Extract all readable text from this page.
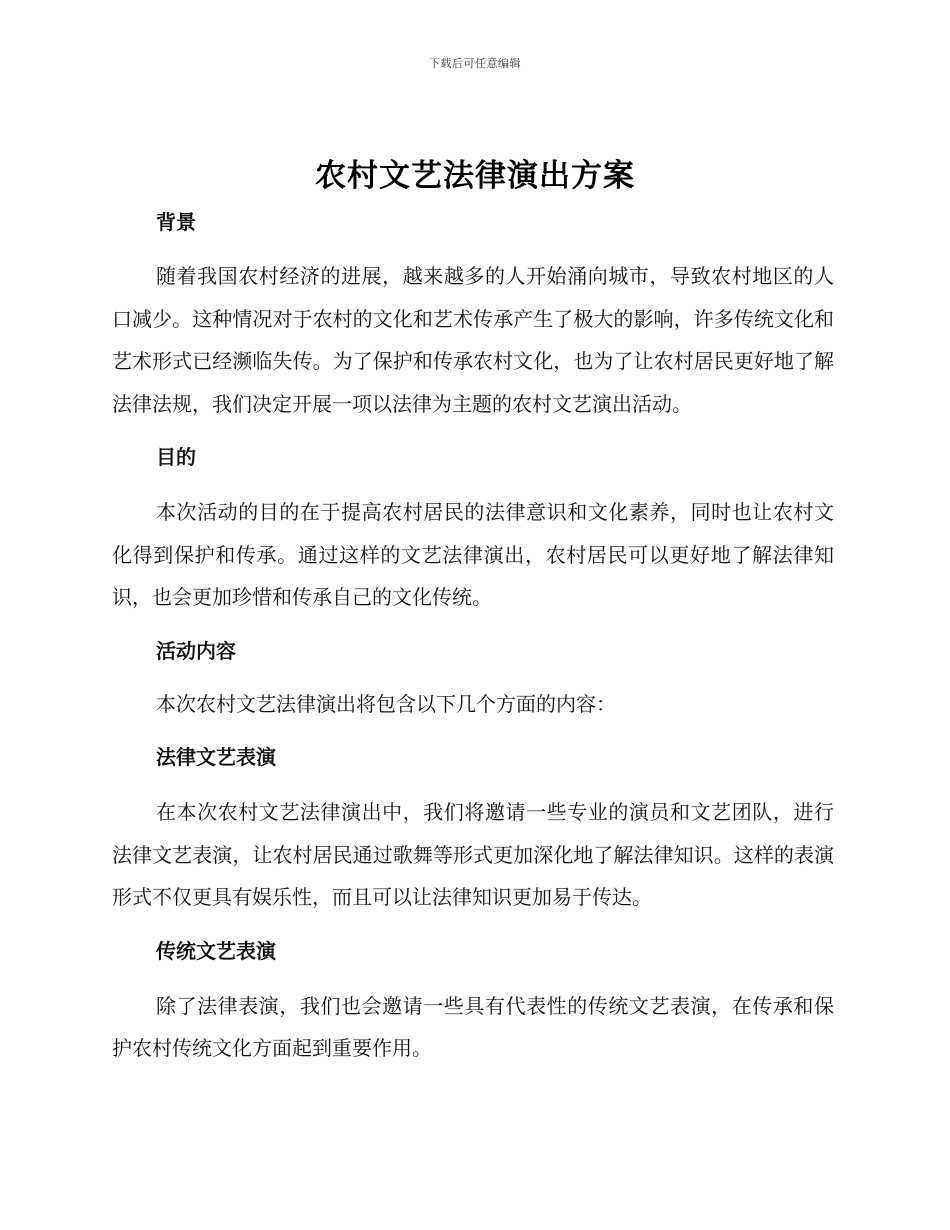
下载后可任意编辑
农村文艺法律演出方案

背景

随着我国农村经济的进展，越来越多的人开始涌向城市，导致农村地区的人口减少。这种情况对于农村的文化和艺术传承产生了极大的影响，许多传统文化和艺术形式已经濒临失传。为了保护和传承农村文化，也为了让农村居民更好地了解法律法规，我们决定开展一项以法律为主题的农村文艺演出活动。

目的

本次活动的目的在于提高农村居民的法律意识和文化素养，同时也让农村文化得到保护和传承。通过这样的文艺法律演出，农村居民可以更好地了解法律知识，也会更加珍惜和传承自己的文化传统。

活动内容

本次农村文艺法律演出将包含以下几个方面的内容：

法律文艺表演

在本次农村文艺法律演出中，我们将邀请一些专业的演员和文艺团队，进行法律文艺表演，让农村居民通过歌舞等形式更加深化地了解法律知识。这样的表演形式不仅更具有娱乐性，而且可以让法律知识更加易于传达。

传统文艺表演

除了法律表演，我们也会邀请一些具有代表性的传统文艺表演，在传承和保护农村传统文化方面起到重要作用。
